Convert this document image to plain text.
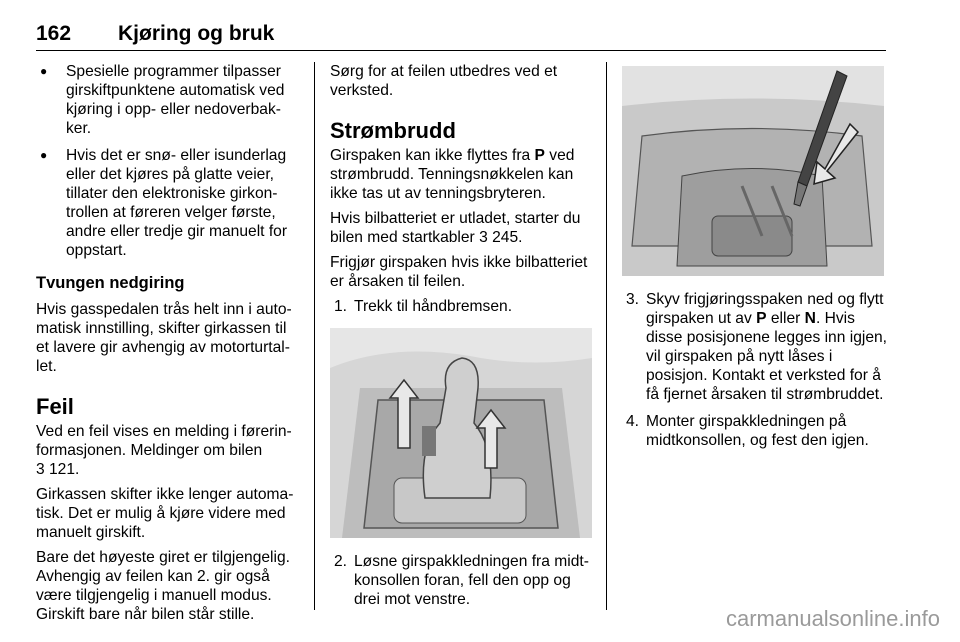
162 Kjøring og bruk
● Spesielle programmer tilpasser girskiftpunktene automatisk ved kjøring i opp- eller nedoverbakker.
● Hvis det er snø- eller isunderlag eller det kjøres på glatte veier, tillater den elektroniske girkontrollen at føreren velger første, andre eller tredje gir manuelt for oppstart.
Tvungen nedgiring

Hvis gasspedalen trås helt inn i automatisk innstilling, skifter girkassen til et lavere gir avhengig av motorturtallet.

Feil

Ved en feil vises en melding i førerinformasjonen. Meldinger om bilen
3 121.

Girkassen skifter ikke lenger automatisk. Det er mulig å kjøre videre med manuelt girskift.

Bare det høyeste giret er tilgjengelig. Avhengig av feilen kan 2. gir også være tilgjengelig i manuell modus. Girskift bare når bilen står stille.

Sørg for at feilen utbedres ved et verksted.

Strømbrudd

Girspaken kan ikke flyttes fra P ved strømbrudd. Tenningsnøkkelen kan ikke tas ut av tenningsbryteren.

Hvis bilbatteriet er utladet, starter du bilen med startkabler 3 245.

Frigjør girspaken hvis ikke bilbatteriet er årsaken til feilen.

1. Trekk til håndbremsen.
2. Løsne girspakkledningen fra midtkonsollen foran, fell den opp og drei mot venstre.
3. Skyv frigjøringsspaken ned og flytt girspaken ut av P eller N. Hvis disse posisjonene legges inn igjen, vil girspaken på nytt låses i posisjon. Kontakt et verksted for å få fjernet årsaken til strømbruddet.
4. Monter girspakkledningen på midtkonsollen, og fest den igjen.
carmanualsonline.info
